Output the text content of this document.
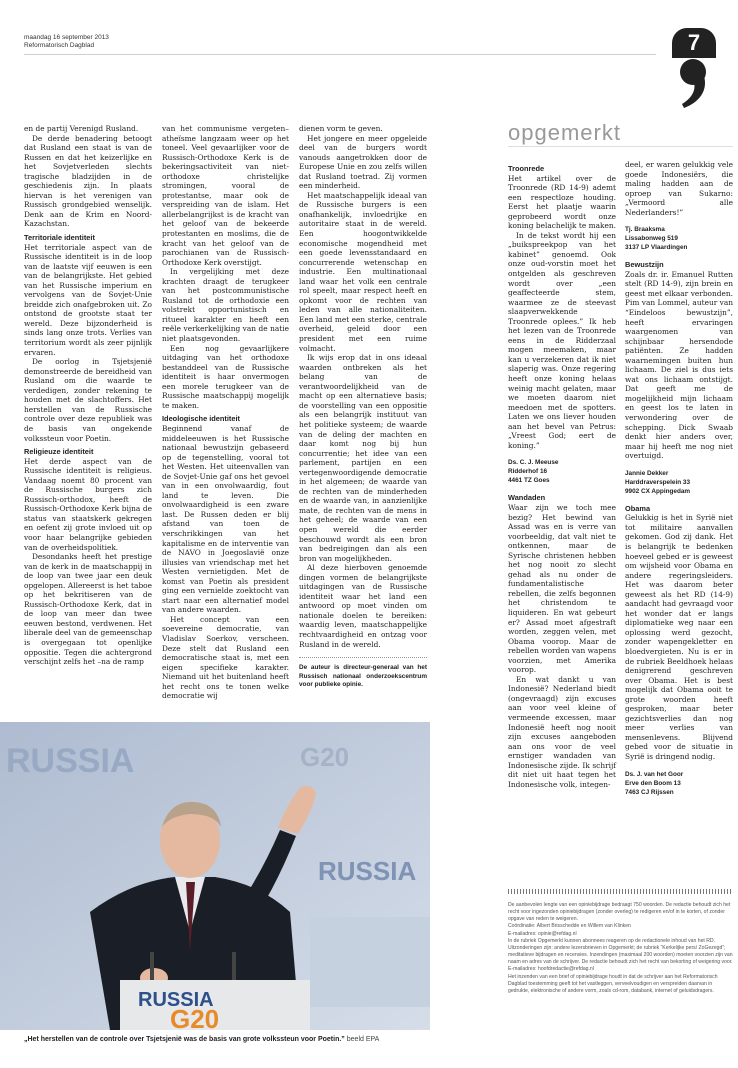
maandag 16 september 2013
Reformatorisch Dagblad	7

en de partij Verenigd Rusland.

De derde benadering betoogt dat Rusland een staat is van de Russen en dat het keizerlijke en het Sovjetverleden slechts tragische bladzijden in de geschiedenis zijn. In plaats hiervan is het verenigen van Russisch grondgebied wenselijk. Denk aan de Krim en Noord-Kazachstan.

Territoriale identiteit

Het territoriale aspect van de Russische identiteit is in de loop van de laatste vijf eeuwen is een van de belangrijkste. Het gebied van het Russische imperium en vervolgens van de Sovjet-Unie breidde zich onafgebroken uit. Zo ontstond de grootste staat ter wereld. Deze bijzonderheid is sinds lang onze trots. Verlies van territorium wordt als zeer pijnlijk ervaren.

De oorlog in Tsjetsjenië demonstreerde de bereidheid van Rusland om die waarde te verdedigen, zonder rekening te houden met de slachtoffers. Het herstellen van de Russische controle over deze republiek was de basis van ongekende volkssteun voor Poetin.

Religieuze identiteit

Het derde aspect van de Russische identiteit is religieus. Vandaag noemt 80 procent van de Russische burgers zich Russisch-orthodox, heeft de Russisch-Orthodoxe Kerk bijna de status van staatskerk gekregen en oefent zij grote invloed uit op voor haar belangrijke gebieden van de overheidspolitiek.

Desondanks heeft het prestige van de kerk in de maatschappij in de loop van twee jaar een deuk opgelopen. Allereerst is het taboe op het bekritiseren van de Russisch-Orthodoxe Kerk, dat in de loop van meer dan twee eeuwen bestond, verdwenen. Het liberale deel van de gemeenschap is overgegaan tot openlijke oppositie. Tegen die achtergrond verschijnt zelfs het –na de ramp

van het communisme vergeten– atheïsme langzaam weer op het toneel. Veel gevaarlijker voor de Russisch-Orthodoxe Kerk is de bekeringsactiviteit van niet-orthodoxe christelijke stromingen, vooral de protestantse, maar ook de verspreiding van de islam. Het allerbelangrijkst is de kracht van het geloof van de bekeerde protestanten en moslims, die de kracht van het geloof van de parochianen van de Russisch-Orthodoxe Kerk overstijgt.

In vergelijking met deze krachten draagt de terugkeer van het postcommunistische Rusland tot de orthodoxie een volstrekt opportunistisch en ritueel karakter en heeft een reële verkerkelijking van de natie niet plaatsgevonden.

Een nog gevaarlijkere uitdaging van het orthodoxe bestanddeel van de Russische identiteit is haar onvermogen een morele terugkeer van de Russische maatschappij mogelijk te maken.

Ideologische identiteit

Beginnend vanaf de middeleeuwen is het Russische nationaal bewustzijn gebaseerd op de tegenstelling, vooral tot het Westen. Het uiteenvallen van de Sovjet-Unie gaf ons het gevoel van in een onvolwaardig, fout land te leven. Die onvolwaardigheid is een zware last. De Russen deden er blij afstand van toen de verschrikkingen van het kapitalisme en de interventie van de NAVO in Joegoslavië onze illusies van vriendschap met het Westen vernietigden. Met de komst van Poetin als president ging een vernielde zoektocht van start naar een alternatief model van andere waarden.

Het concept van een soevereine democratie, van Vladislav Soerkov, verscheen. Deze stelt dat Rusland een democratische staat is, met een eigen specifieke karakter. Niemand uit het buitenland heeft het recht ons te tonen welke democratie wij

dienen vorm te geven.

Het jongere en meer opgeleide deel van de burgers wordt vanouds aangetrokken door de Europese Unie en zou zelfs willen dat Rusland toetrad. Zij vormen een minderheid.

Het maatschappelijk ideaal van de Russische burgers is een onafhankelijk, invloedrijke en autoritaire staat in de wereld. Een hoogontwikkelde economische mogendheid met een goede levensstandaard en concurrerende wetenschap en industrie. Een multinationaal land waar het volk een centrale rol speelt, maar respect heeft en opkomt voor de rechten van leden van alle nationaliteiten. Een land met een sterke, centrale overheid, geleid door een president met een ruime volmacht.

Ik wijs erop dat in ons ideaal waarden ontbreken als het belang van de verantwoordelijkheid van de macht op een alternatieve basis; de voorstelling van een oppositie als een belangrijk instituut van het politieke systeem; de waarde van de deling der machten en daar komt nog bij hun concurrentie; het idee van een parlement, partijen en een vertegenwoordigende democratie in het algemeen; de waarde van de rechten van de minderheden en de waarde van, in aanzienlijke mate, de rechten van de mens in het geheel; de waarde van een open wereld die eerder beschouwd wordt als een bron van bedreigingen dan als een bron van mogelijkheden.

Al deze hierboven genoemde dingen vormen de belangrijkste uitdagingen van de Russische identiteit waar het land een antwoord op moet vinden om nationale doelen te bereiken: waardig leven, maatschappelijke rechtvaardigheid en ontzag voor Rusland in de wereld.

De auteur is directeur-generaal van het Russisch nationaal onderzoekscentrum voor publieke opinie.

RUSSIA	G20
RUSSIA
RUSSIA
G20
„Het herstellen van de controle over Tsjetsjenië was de basis van grote volkssteun voor Poetin.” beeld EPA
opgemerkt
Troonrede

Het artikel over de Troonrede (RD 14-9) ademt een respectloze houding. Eerst het plaatje waarin geprobeerd wordt onze koning belachelijk te maken.

In de tekst wordt hij een „buikspreekpop van het kabinet” genoemd. Ook onze oud-vorstin moet het ontgelden als geschreven wordt over „een geaffecteerde stem, waarmee ze de steevast slaapverwekkende Troonrede oplees.” Ik heb het lezen van de Troonrede eens in de Ridderzaal mogen meemaken, maar kan u verzekeren dat ik niet slaperig was. Onze regering heeft onze koning helaas weinig macht gelaten, maar we moeten daarom niet meedoen met de spotters. Laten we ons liever houden aan het bevel van Petrus: „Vreest God; eert de koning.”

Ds. C. J. Meeuse
Ridderhof 16
4461 TZ Goes
Wandaden

Waar zijn we toch mee bezig? Het bewind van Assad was en is verre van voorbeeldig, dat valt niet te ontkennen, maar de Syrische christenen hebben het nog nooit zo slecht gehad als nu onder de fundamentalistische rebellen, die zelfs begonnen het christendom te liquideren. En wat gebeurt er? Assad moet afgestraft worden, zeggen velen, met Obama voorop. Maar de rebellen worden van wapens voorzien, met Amerika voorop.

En wat dankt u van Indonesië? Nederland biedt (ongevraagd) zijn excuses aan voor veel kleine of vermeende excessen, maar Indonesië heeft nog nooit zijn excuses aangeboden aan ons voor de veel ernstiger wandaden van Indonesische zijde. Ik schrijf dit niet uit haat tegen het Indonesische volk, integen-

deel, er waren gelukkig vele goede Indonesiërs, die maling hadden aan de oproep van Sukarno: „Vermoord alle Nederlanders!”

Tj. Braaksma
Lissabonweg 519
3137 LP Vlaardingen
Bewustzijn

Zoals dr. ir. Emanuel Rutten stelt (RD 14-9), zijn brein en geest met elkaar verbonden. Pim van Lommel, auteur van “Eindeloos bewustzijn”, heeft ervaringen waargenomen van schijnbaar hersendode patiënten. Ze hadden waarnemingen buiten hun lichaam. De ziel is dus iets wat ons lichaam ontstijgt. Dat geeft me de mogelijkheid mijn lichaam en geest los te laten in verwondering over de schepping. Dick Swaab denkt hier anders over, maar hij heeft me nog niet overtuigd.

Jannie Dekker
Harddraverspelein 33
9902 CX Appingedam
Obama

Gelukkig is het in Syrië niet tot militaire aanvallen gekomen. God zij dank. Het is belangrijk te bedenken hoeveel gebed er is geweest om wijsheid voor Obama en andere regeringsleiders. Het was daarom beter geweest als het RD (14-9) aandacht had gevraagd voor het wonder dat er langs diplomatieke weg naar een oplossing werd gezocht, zonder wapengekletter en bloedvergieten. Nu is er in de rubriek Beeldhoek helaas denigrerend geschreven over Obama. Het is best mogelijk dat Obama ooit te grote woorden heeft gesproken, maar beter gezichtsverlies dan nog meer verlies van mensenlevens. Blijvend gebed voor de situatie in Syrië is dringend nodig.

Ds. J. van het Goor
Erve den Boom 13
7463 CJ Rijssen

De aanbevolen lengte van een opiniebijdrage bedraagt 750 woorden. De redactie behoudt zich het recht voor ingezonden opiniebijdragen (zonder overleg) te redigeren en/of in te korten, of zonder opgave van reden te weigeren.

Coördinatie: Albert Brisschedde en Willem van Klinken

E-mailadres: opinie@refdag.nl

In de rubriek Opgemerkt kunnen abonnees reageren op de redactionele inhoud van het RD. Uitzonderingen zijn: andere lezersbrieven in Opgemerkt; de rubriek “Kerkelijke pers/ ZoGezegd”; meditatieve bijdragen en recensies. Inzendingen (maximaal 200 woorden) moeten voorzien zijn van naam en adres van de schrijver. De redactie behoudt zich het recht van bekorting of weigering voor.

E-mailadres: hoofdredactie@refdag.nl

Het inzenden van een brief of opiniebijdrage houdt in dat de schrijver aan het Reformatorisch Dagblad toestemming geeft tot het vastleggen, verveelvoudigen en verspreiden daarvan in gedrukte, elektronische of andere vorm, zoals cd-rom, databank, internet of geluidsdragers.
